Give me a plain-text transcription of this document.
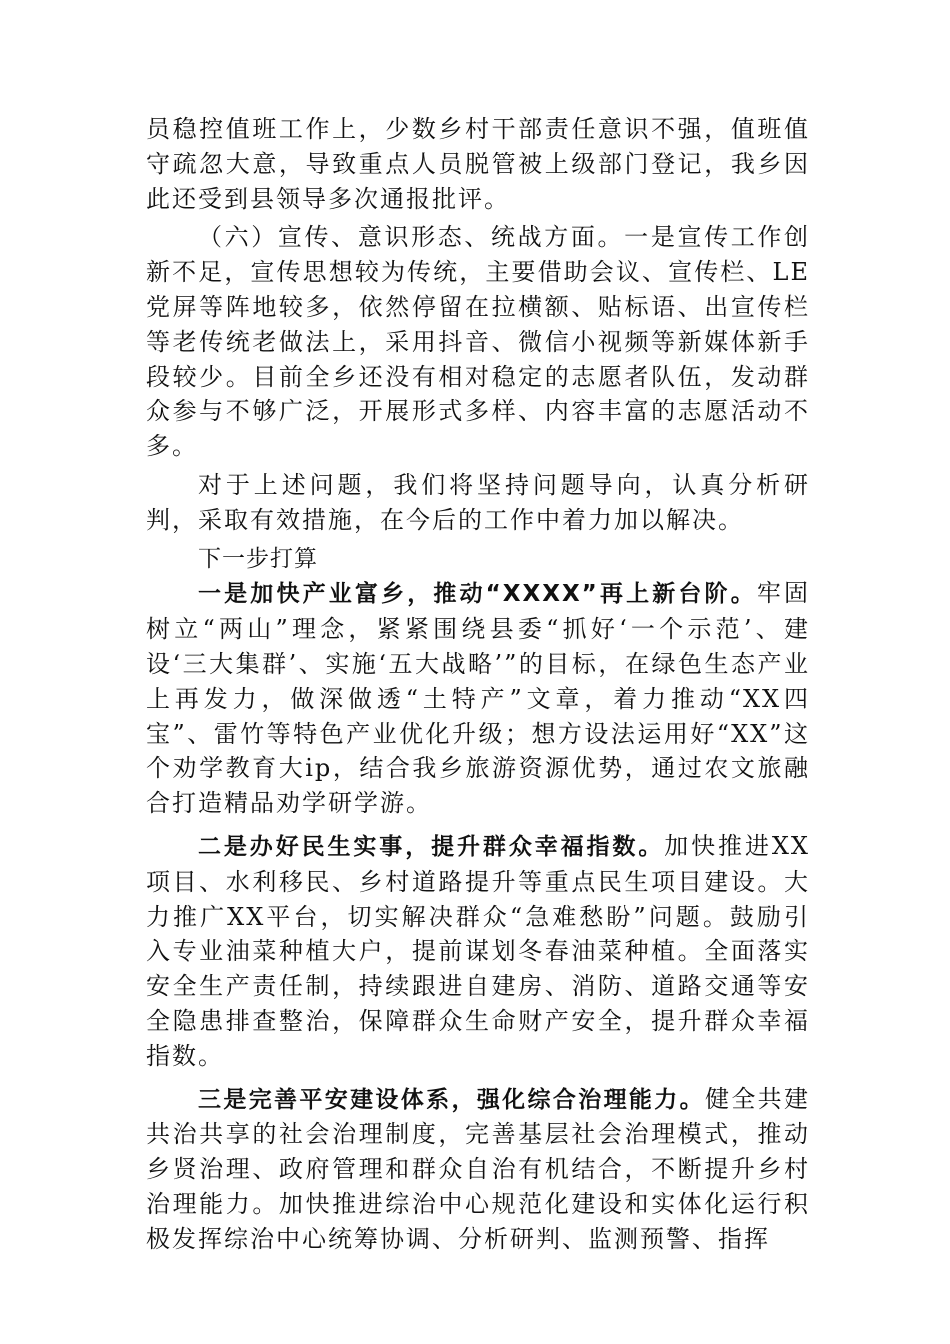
员稳控值班工作上，少数乡村干部责任意识不强，值班值守疏忽大意，导致重点人员脱管被上级部门登记，我乡因此还受到县领导多次通报批评。

（六）宣传、意识形态、统战方面。一是宣传工作创新不足，宣传思想较为传统，主要借助会议、宣传栏、LE党屏等阵地较多，依然停留在拉横额、贴标语、出宣传栏等老传统老做法上，采用抖音、微信小视频等新媒体新手段较少。目前全乡还没有相对稳定的志愿者队伍，发动群众参与不够广泛，开展形式多样、内容丰富的志愿活动不多。

对于上述问题，我们将坚持问题导向，认真分析研判，采取有效措施，在今后的工作中着力加以解决。

下一步打算

一是加快产业富乡，推动“XXXX”再上新台阶。牢固树立“两山”理念，紧紧围绕县委“抓好‘一个示范’、建设‘三大集群’、实施‘五大战略’”的目标，在绿色生态产业上再发力，做深做透“土特产”文章，着力推动“XX四宝”、雷竹等特色产业优化升级；想方设法运用好“XX”这个劝学教育大ip，结合我乡旅游资源优势，通过农文旅融合打造精品劝学研学游。

二是办好民生实事，提升群众幸福指数。加快推进XX项目、水利移民、乡村道路提升等重点民生项目建设。大力推广XX平台，切实解决群众“急难愁盼”问题。鼓励引入专业油菜种植大户，提前谋划冬春油菜种植。全面落实安全生产责任制，持续跟进自建房、消防、道路交通等安全隐患排查整治，保障群众生命财产安全，提升群众幸福指数。

三是完善平安建设体系，强化综合治理能力。健全共建共治共享的社会治理制度，完善基层社会治理模式，推动乡贤治理、政府管理和群众自治有机结合，不断提升乡村治理能力。加快推进综治中心规范化建设和实体化运行积极发挥综治中心统筹协调、分析研判、监测预警、指挥
